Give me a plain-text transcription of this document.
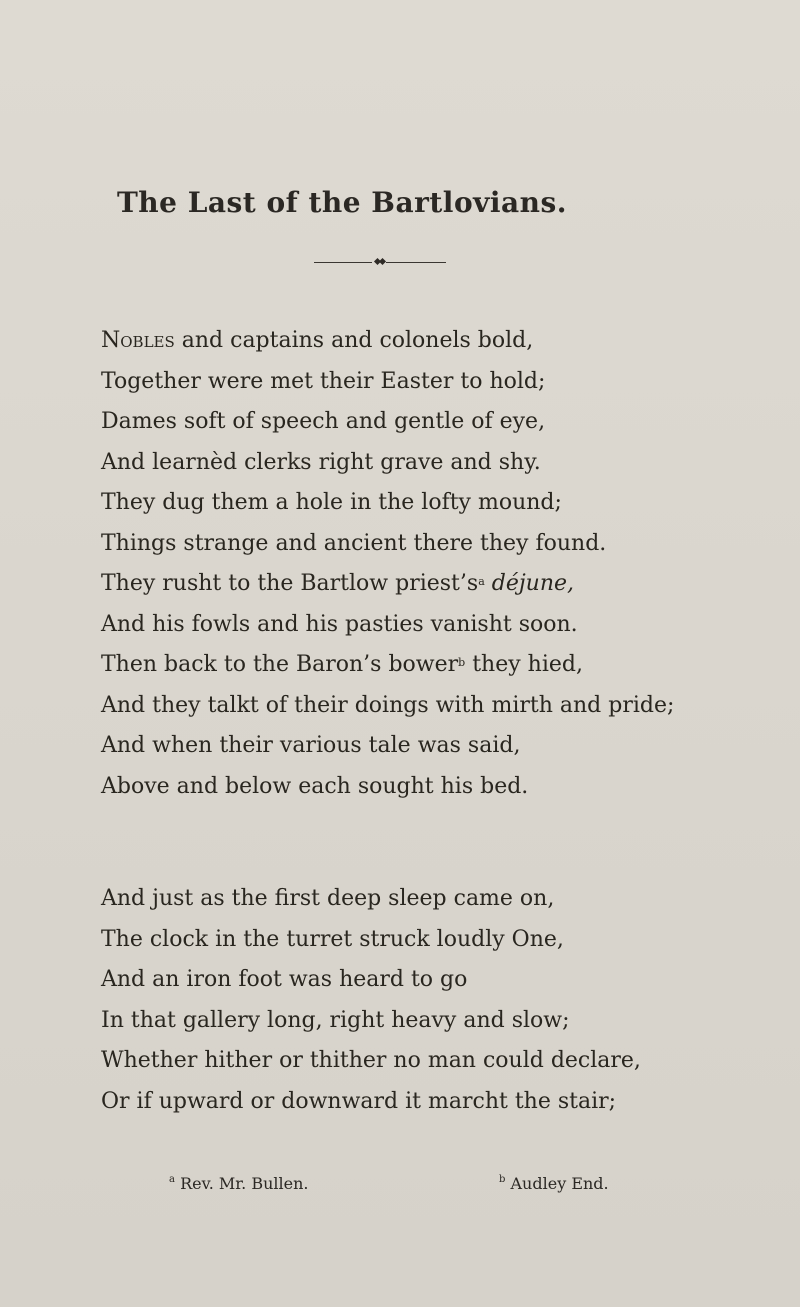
The Last of the Bartlovians.
Nobles and captains and colonels bold,
Together were met their Easter to hold;
Dames soft of speech and gentle of eye,
And learnèd clerks right grave and shy.
They dug them a hole in the lofty mound;
Things strange and ancient there they found.
They rusht to the Bartlow $priest’s^a$ déjune,
And his fowls and his pasties vanisht soon.
Then back to the Baron’s bower$^b$ they hied,
And they talkt of their doings with mirth and pride;
And when their various tale was said,
Above and below each sought his bed.
And just as the first deep sleep came on,
The clock in the turret struck loudly One,
And an iron foot was heard to go
In that gallery long, right heavy and slow;
Whether hither or thither no man could declare,
Or if upward or downward it marcht the stair;
$^a$ Rev. Mr. Bullen.	$^b$ Audley End.
